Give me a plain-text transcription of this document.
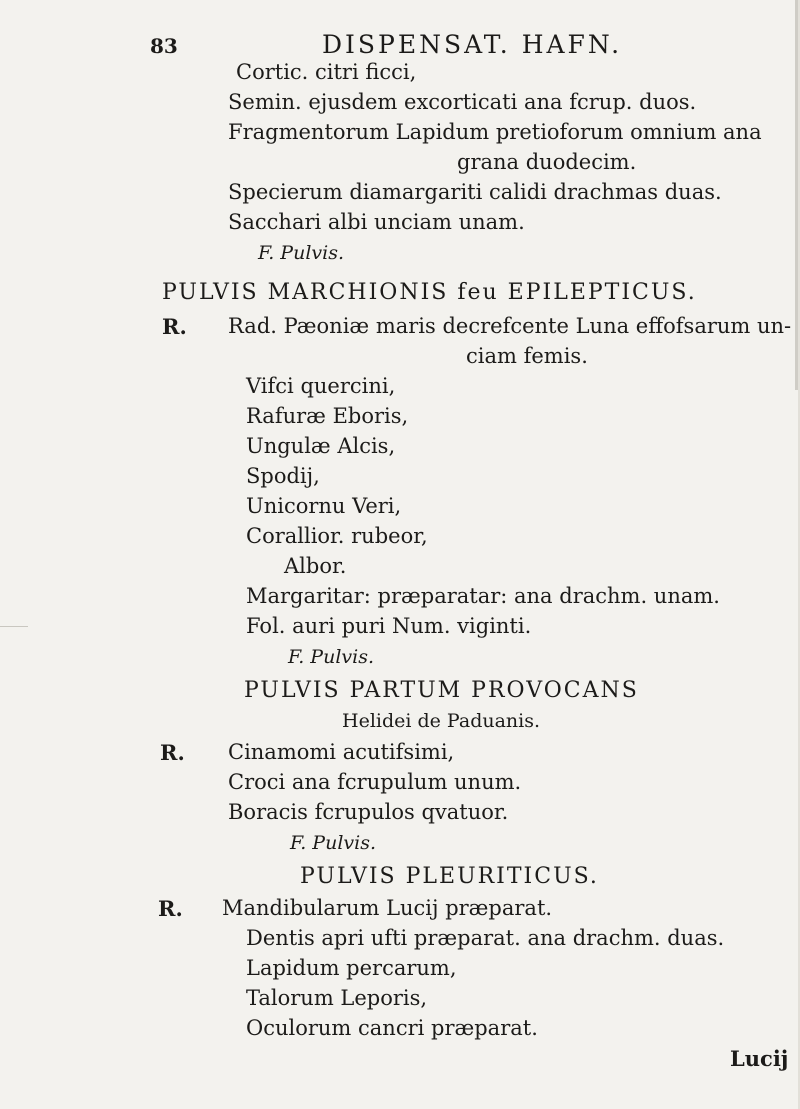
83	DISPENSAT. HAFN.
Cortic. citri ficci,
Semin. ejusdem excorticati ana fcrup. duos.
Fragmentorum Lapidum pretioforum omnium ana
grana duodecim.
Specierum diamargariti calidi drachmas duas.
Sacchari albi unciam unam.
F. Pulvis.
PULVIS MARCHIONIS feu EPILEPTICUS.
R. Rad. Pæoniæ maris decrefcente Luna effofsarum un-
ciam femis.
Vifci quercini,
Rafuræ Eboris,
Ungulæ Alcis,
Spodij,
Unicornu Veri,
Corallior. rubeor,
Albor.
Margaritar: præparatar: ana drachm. unam.
Fol. auri puri Num. viginti.
F. Pulvis.
PULVIS PARTUM PROVOCANS
Helidei de Paduanis.
R. Cinamomi acutifsimi,
Croci ana fcrupulum unum.
Boracis fcrupulos qvatuor.
F. Pulvis.
PULVIS PLEURITICUS.
R. Mandibularum Lucij præparat.
Dentis apri ufti præparat. ana drachm. duas.
Lapidum percarum,
Talorum Leporis,
Oculorum cancri præparat.
Lucij
